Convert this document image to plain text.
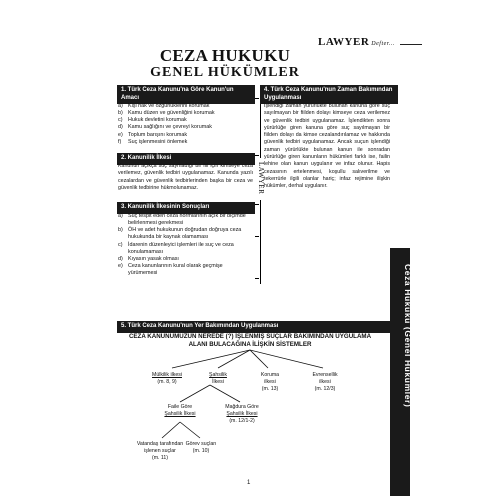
CEZA HUKUKU
GENEL HÜKÜMLER
LAWYER Defter...
LAWYER
1. Türk Ceza Kanunu'na Göre Kanun'un Amacı
a) Kişi hak ve özgürlüklerini korumak
b) Kamu düzen ve güvenliğini korumak
c)	Hukuk devletini korumak
d) Kamu sağlığını ve çevreyi korumak
e) Toplum barışını korumak
f)	Suç işlenmesini önlemek
2. Kanunilik İlkesi
Kanunun açıkça suç saymadığı bir fiil için kimseye ceza verilemez, güvenlik tedbiri uygulanamaz. Kanunda yazılı cezalardan ve güvenlik tedbirlerinden başka bir ceza ve güvenlik tedbirine hükmolunamaz.
3. Kanunilik İlkesinin Sonuçları
a) Suç tespit eden ceza normlarının açık bir biçimde belirlenmesi gerekmesi
b) ÖH ve adet hukukunun doğrudan doğruya ceza hukukunda bir kaynak olamaması
c)	İdarenin düzenleyici işlemleri ile suç ve ceza konulamaması
d) Kıyasın yasak olması
e) Ceza kanunlarının kural olarak geçmişe yürümemesi
4. Türk Ceza Kanunu'nun Zaman Bakımından Uygulanması
İşlendiği zaman yürürlükte bulunan kanuna göre suç sayılmayan bir fiilden dolayı kimseye ceza verilemez ve güvenlik tedbiri uygulanamaz. İşlendikten sonra yürürlüğe giren kanuna göre suç sayılmayan bir fiilden dolayı da kimse cezalandırılamaz ve hakkında güvenlik tedbiri uygulanamaz. Ancak suçun işlendiği zaman yürürlükte bulunan kanun ile sonradan yürürlüğe giren kanunların hükümleri farklı ise, failin lehine olan kanun uygulanır ve infaz olunur. Hapis cezasının ertelenmesi, koşullu salıverilme ve tekerrürle ilgili olanlar hariç; infaz rejimine ilişkin hükümler, derhal uygulanır.
5. Türk Ceza Kanunu'nun Yer Bakımından Uygulanması
CEZA KANUNUMUZUN NEREDE (?) İŞLENMİŞ SUÇLAR BAKIMINDAN UYGULAMA
ALANI BULACAĞINA İLİŞKİN SİSTEMLER
Mülkilik ilkesi
(m. 8, 9)
Şahsilik
İlkesi
Koruma
ilkesi
(m. 13)
Evrensellik
ilkesi
(m. 12/3)
Faile Göre
Şahsilik İlkesi
Mağdura Göre
Şahsilik İlkesi
(m. 12/1-2)
Vatandaş tarafından
işlenen suçlar
(m. 11)
Görev suçları
(m. 10)
Ceza Hukuku (Genel Hükümler)
1
